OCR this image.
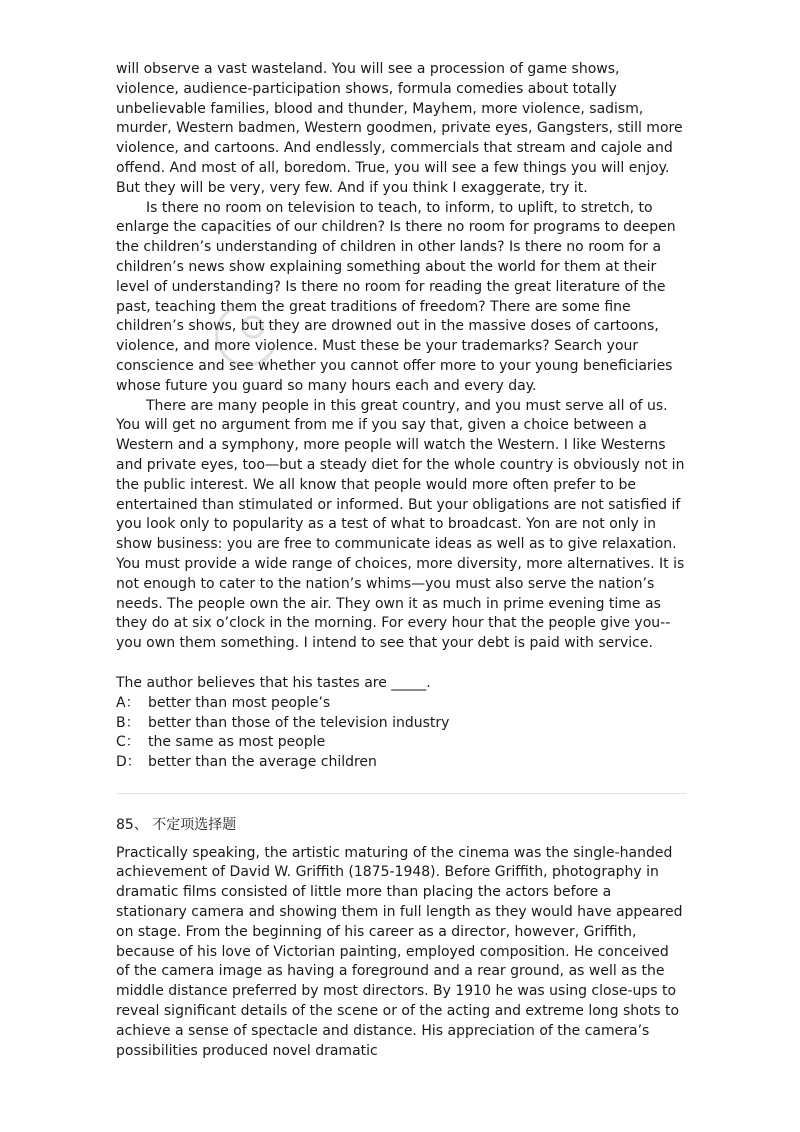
will observe a vast wasteland. You will see a procession of game shows, violence, audience-participation shows, formula comedies about totally unbelievable families, blood and thunder, Mayhem, more violence, sadism, murder, Western badmen, Western goodmen, private eyes, Gangsters, still more violence, and cartoons. And endlessly, commercials that stream and cajole and offend. And most of all, boredom. True, you will see a few things you will enjoy. But they will be very, very few. And if you think I exaggerate, try it.

Is there no room on television to teach, to inform, to uplift, to stretch, to enlarge the capacities of our children? Is there no room for programs to deepen the children’s understanding of children in other lands? Is there no room for a children’s news show explaining something about the world for them at their level of understanding? Is there no room for reading the great literature of the past, teaching them the great traditions of freedom? There are some fine children’s shows, but they are drowned out in the massive doses of cartoons, violence, and more violence. Must these be your trademarks? Search your conscience and see whether you cannot offer more to your young beneficiaries whose future you guard so many hours each and every day.

There are many people in this great country, and you must serve all of us. You will get no argument from me if you say that, given a choice between a Western and a symphony, more people will watch the Western. I like Westerns and private eyes, too—but a steady diet for the whole country is obviously not in the public interest. We all know that people would more often prefer to be entertained than stimulated or informed. But your obligations are not satisfied if you look only to popularity as a test of what to broadcast. Yon are not only in show business: you are free to communicate ideas as well as to give relaxation. You must provide a wide range of choices, more diversity, more alternatives. It is not enough to cater to the nation’s whims—you must also serve the nation’s needs. The people own the air. They own it as much in prime evening time as they do at six o’clock in the morning. For every hour that the people give you--you own them something. I intend to see that your debt is paid with service.

The author believes that his tastes are _____.

A： better than most people’s
B： better than those of the television industry
C： the same as most people
D： better than the average children

85、 不定项选择题

Practically speaking, the artistic maturing of the cinema was the single-handed achievement of David W. Griffith (1875-1948). Before Griffith, photography in dramatic films consisted of little more than placing the actors before a stationary camera and showing them in full length as they would have appeared on stage. From the beginning of his career as a director, however, Griffith, because of his love of Victorian painting, employed composition. He conceived of the camera image as having a foreground and a rear ground, as well as the middle distance preferred by most directors. By 1910 he was using close-ups to reveal significant details of the scene or of the acting and extreme long shots to achieve a sense of spectacle and distance. His appreciation of the camera’s possibilities produced novel dramatic
